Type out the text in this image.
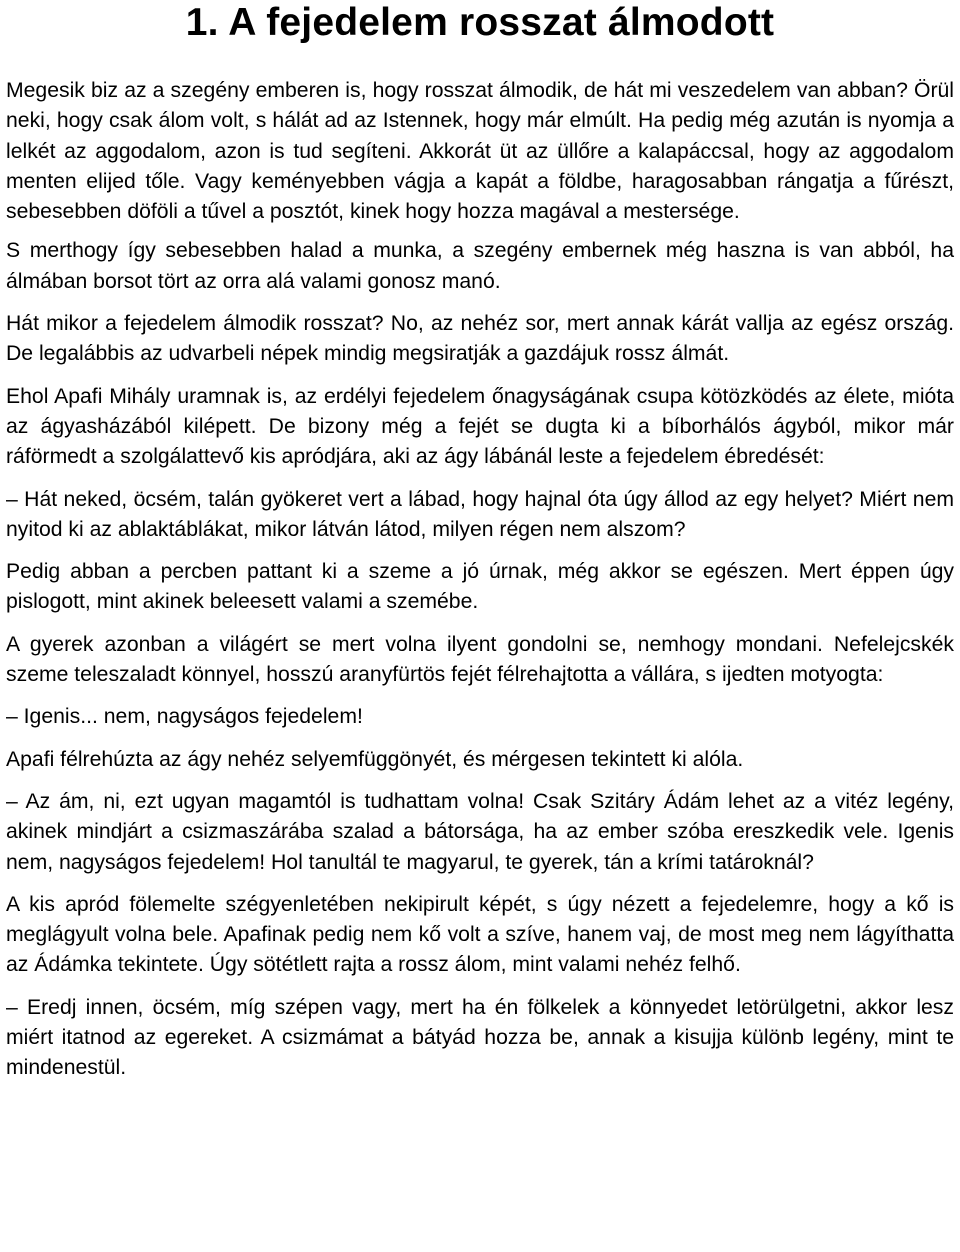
1. A fejedelem rosszat álmodott

Megesik biz az a szegény emberen is, hogy rosszat álmodik, de hát mi veszedelem van abban? Örül neki, hogy csak álom volt, s hálát ad az Istennek, hogy már elmúlt. Ha pedig még azután is nyomja a lelkét az aggodalom, azon is tud segíteni. Akkorát üt az üllőre a kalapáccsal, hogy az aggodalom menten elijed tőle. Vagy keményebben vágja a kapát a földbe, haragosabban rángatja a fűrészt, sebesebben döföli a tűvel a posztót, kinek hogy hozza magával a mestersége.

S merthogy így sebesebben halad a munka, a szegény embernek még haszna is van abból, ha álmában borsot tört az orra alá valami gonosz manó.

Hát mikor a fejedelem álmodik rosszat? No, az nehéz sor, mert annak kárát vallja az egész ország. De legalábbis az udvarbeli népek mindig megsiratják a gazdájuk rossz álmát.

Ehol Apafi Mihály uramnak is, az erdélyi fejedelem őnagyságának csupa kötözködés az élete, mióta az ágyasházából kilépett. De bizony még a fejét se dugta ki a bíborhálós ágyból, mikor már ráförmedt a szolgálattevő kis apródjára, aki az ágy lábánál leste a fejedelem ébredését:

– Hát neked, öcsém, talán gyökeret vert a lábad, hogy hajnal óta úgy állod az egy helyet? Miért nem nyitod ki az ablaktáblákat, mikor látván látod, milyen régen nem alszom?

Pedig abban a percben pattant ki a szeme a jó úrnak, még akkor se egészen. Mert éppen úgy pislogott, mint akinek beleesett valami a szemébe.

A gyerek azonban a világért se mert volna ilyent gondolni se, nemhogy mondani. Nefelejcskék szeme teleszaladt könnyel, hosszú aranyfürtös fejét félrehajtotta a vállára, s ijedten motyogta:

– Igenis... nem, nagyságos fejedelem!

Apafi félrehúzta az ágy nehéz selyemfüggönyét, és mérgesen tekintett ki alóla.

– Az ám, ni, ezt ugyan magamtól is tudhattam volna! Csak Szitáry Ádám lehet az a vitéz legény, akinek mindjárt a csizmaszárába szalad a bátorsága, ha az ember szóba ereszkedik vele. Igenis nem, nagyságos fejedelem! Hol tanultál te magyarul, te gyerek, tán a krími tatároknál?

A kis apród fölemelte szégyenletében nekipirult képét, s úgy nézett a fejedelemre, hogy a kő is meglágyult volna bele. Apafinak pedig nem kő volt a szíve, hanem vaj, de most meg nem lágyíthatta az Ádámka tekintete. Úgy sötétlett rajta a rossz álom, mint valami nehéz felhő.

– Eredj innen, öcsém, míg szépen vagy, mert ha én fölkelek a könnyedet letörülgetni, akkor lesz miért itatnod az egereket. A csizmámat a bátyád hozza be, annak a kisujja különb legény, mint te mindenestül.
